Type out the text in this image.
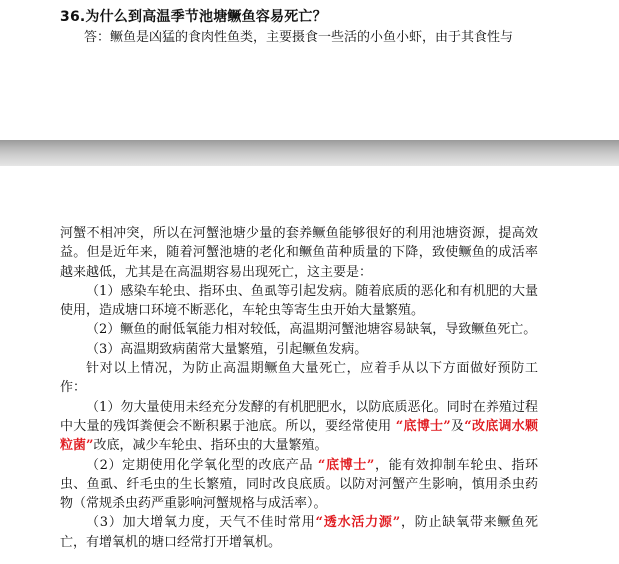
36.为什么到高温季节池塘鳜鱼容易死亡？
答：鳜鱼是凶猛的食肉性鱼类，主要摄食一些活的小鱼小虾，由于其食性与

河蟹不相冲突，所以在河蟹池塘少量的套养鳜鱼能够很好的利用池塘资源，提高效益。但是近年来，随着河蟹池塘的老化和鳜鱼苗种质量的下降，致使鳜鱼的成活率越来越低，尤其是在高温期容易出现死亡，这主要是：

（1）感染车轮虫、指环虫、鱼虱等引起发病。随着底质的恶化和有机肥的大量使用，造成塘口环境不断恶化，车轮虫等寄生虫开始大量繁殖。

（2）鳜鱼的耐低氧能力相对较低，高温期河蟹池塘容易缺氧，导致鳜鱼死亡。

（3）高温期致病菌常大量繁殖，引起鳜鱼发病。

针对以上情况，为防止高温期鳜鱼大量死亡，应着手从以下方面做好预防工作：

（1）勿大量使用未经充分发酵的有机肥肥水，以防底质恶化。同时在养殖过程中大量的残饵粪便会不断积累于池底。所以，要经常使用 “底博士”及“改底调水颗粒菌”改底，减少车轮虫、指环虫的大量繁殖。

（2）定期使用化学氧化型的改底产品 “底博士”，能有效抑制车轮虫、指环虫、鱼虱、纤毛虫的生长繁殖，同时改良底质。以防对河蟹产生影响，慎用杀虫药物（常规杀虫药严重影响河蟹规格与成活率）。

（3）加大增氧力度，天气不佳时常用“透水活力源”，防止缺氧带来鳜鱼死亡，有增氧机的塘口经常打开增氧机。
